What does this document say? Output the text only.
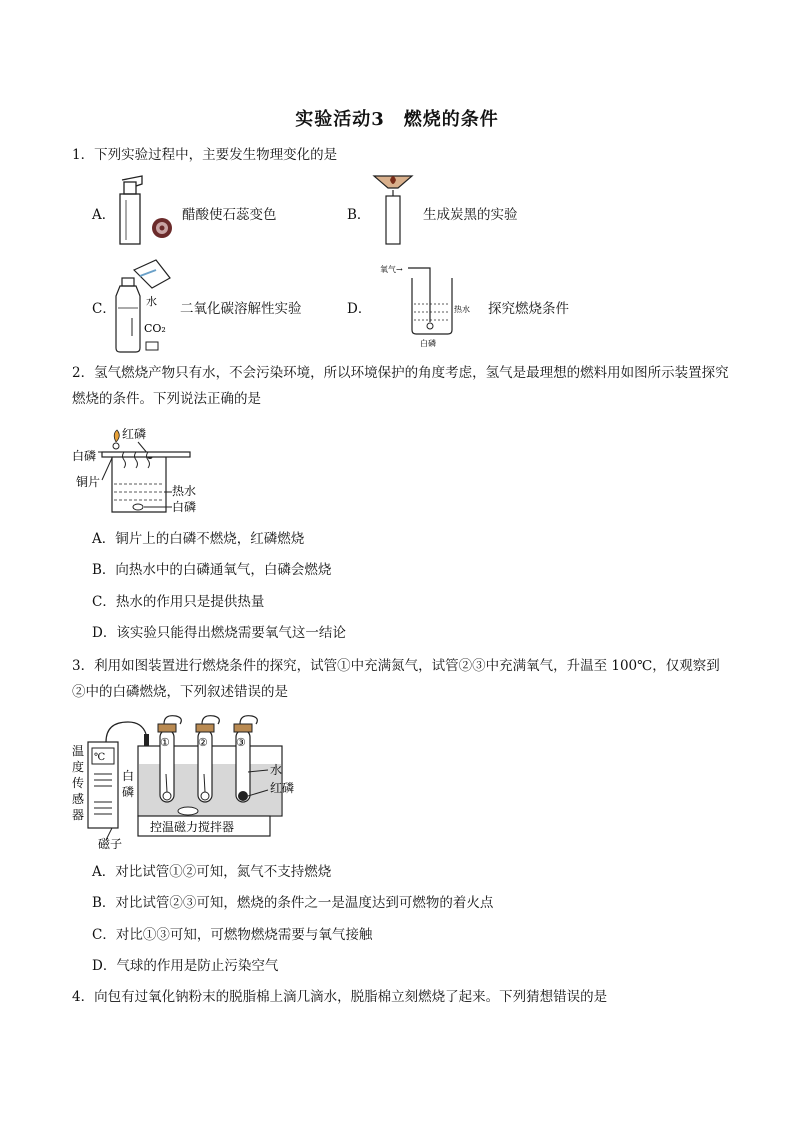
实验活动3　燃烧的条件
1．下列实验过程中，主要发生物理变化的是
A．	醋酸使石蕊变色	B．	生成炭黑的实验
C．	水
CO₂
二氧化碳溶解性实验	D．
氧气→
热水
白磷
探究燃烧条件
2．氢气燃烧产物只有水，不会污染环境，所以环境保护的角度考虑，氢气是最理想的燃料用如图所示装置探究燃烧的条件。下列说法正确的是
红磷
白磷
铜片
热水
白磷
A．铜片上的白磷不燃烧，红磷燃烧
B．向热水中的白磷通氧气，白磷会燃烧
C．热水的作用只是提供热量
D．该实验只能得出燃烧需要氧气这一结论
3．利用如图装置进行燃烧条件的探究，试管①中充满氮气，试管②③中充满氧气，升温至 100℃，仅观察到②中的白磷燃烧，下列叙述错误的是
温
度
传
感
器
℃
白
磷
①	②	③
水
红磷
控温磁力搅拌器
磁子
A．对比试管①②可知，氮气不支持燃烧
B．对比试管②③可知，燃烧的条件之一是温度达到可燃物的着火点
C．对比①③可知，可燃物燃烧需要与氧气接触
D．气球的作用是防止污染空气
4．向包有过氧化钠粉末的脱脂棉上滴几滴水，脱脂棉立刻燃烧了起来。下列猜想错误的是
